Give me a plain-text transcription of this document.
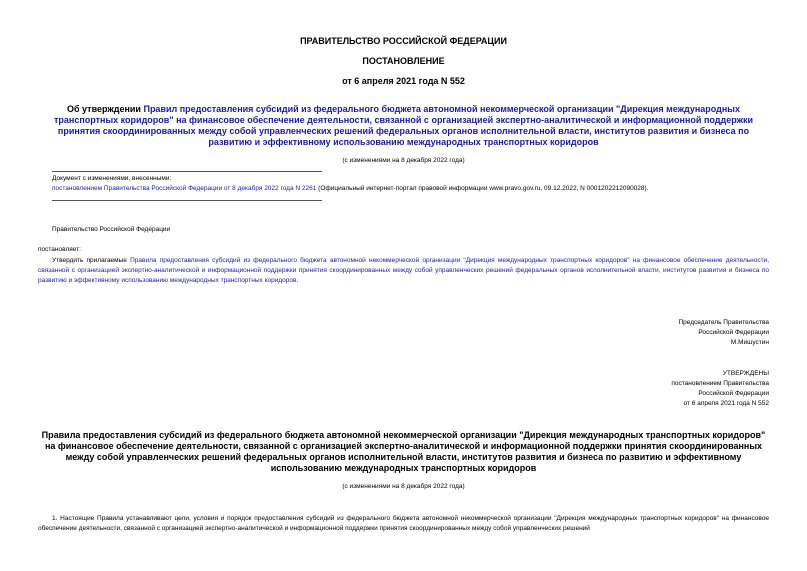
ПРАВИТЕЛЬСТВО РОССИЙСКОЙ ФЕДЕРАЦИИ
ПОСТАНОВЛЕНИЕ
от 6 апреля 2021 года N 552
Об утверждении Правил предоставления субсидий из федерального бюджета автономной некоммерческой организации "Дирекция международных транспортных коридоров" на финансовое обеспечение деятельности, связанной с организацией экспертно-аналитической и информационной поддержки принятия скоординированных между собой управленческих решений федеральных органов исполнительной власти, институтов развития и бизнеса по развитию и эффективному использованию международных транспортных коридоров
(с изменениями на 8 декабря 2022 года)
Документ с изменениями, внесенными:
постановлением Правительства Российской Федерации от 8 декабря 2022 года N 2261 (Официальный интернет-портал правовой информации www.pravo.gov.ru, 09.12.2022, N 0001202212090028).
Правительство Российской Федерации
постановляет:
Утвердить прилагаемые Правила предоставления субсидий из федерального бюджета автономной некоммерческой организации "Дирекция международных транспортных коридоров" на финансовое обеспечение деятельности, связанной с организацией экспертно-аналитической и информационной поддержки принятия скоординированных между собой управленческих решений федеральных органов исполнительной власти, институтов развития и бизнеса по развитию и эффективному использованию международных транспортных коридоров.
Председатель Правительства
Российской Федерации
М.Мишустин
УТВЕРЖДЕНЫ
постановлением Правительства
Российской Федерации
от 6 апреля 2021 года N 552
Правила предоставления субсидий из федерального бюджета автономной некоммерческой организации "Дирекция международных транспортных коридоров" на финансовое обеспечение деятельности, связанной с организацией экспертно-аналитической и информационной поддержки принятия скоординированных между собой управленческих решений федеральных органов исполнительной власти, институтов развития и бизнеса по развитию и эффективному использованию международных транспортных коридоров
(с изменениями на 8 декабря 2022 года)
1. Настоящие Правила устанавливают цели, условия и порядок предоставления субсидий из федерального бюджета автономной некоммерческой организации "Дирекция международных транспортных коридоров" на финансовое обеспечение деятельности, связанной с организацией экспертно-аналитической и информационной поддержки принятия скоординированных между собой управленческих решений
